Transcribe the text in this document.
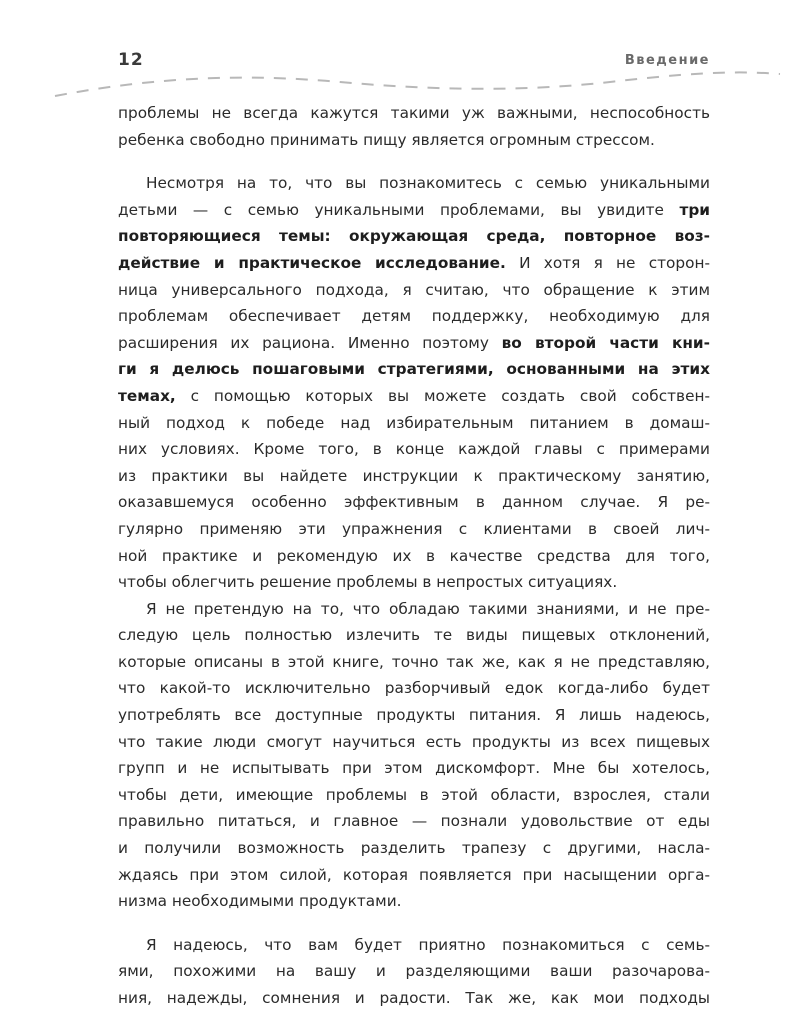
12	Введение
проблемы не всегда кажутся такими уж важными, неспособность
ребенка свободно принимать пищу является огромным стрессом.
Несмотря на то, что вы познакомитесь с семью уникальными
детьми — с семью уникальными проблемами, вы увидите три
повторяющиеся темы: окружающая среда, повторное воз-
действие и практическое исследование. И хотя я не сторон-
ница универсального подхода, я считаю, что обращение к этим
проблемам обеспечивает детям поддержку, необходимую для
расширения их рациона. Именно поэтому во второй части кни-
ги я делюсь пошаговыми стратегиями, основанными на этих
темах, с помощью которых вы можете создать свой собствен-
ный подход к победе над избирательным питанием в домаш-
них условиях. Кроме того, в конце каждой главы с примерами
из практики вы найдете инструкции к практическому занятию,
оказавшемуся особенно эффективным в данном случае. Я ре-
гулярно применяю эти упражнения с клиентами в своей лич-
ной практике и рекомендую их в качестве средства для того,
чтобы облегчить решение проблемы в непростых ситуациях.
Я не претендую на то, что обладаю такими знаниями, и не пре-
следую цель полностью излечить те виды пищевых отклонений,
которые описаны в этой книге, точно так же, как я не представляю,
что какой-то исключительно разборчивый едок когда-либо будет
употреблять все доступные продукты питания. Я лишь надеюсь,
что такие люди смогут научиться есть продукты из всех пищевых
групп и не испытывать при этом дискомфорт. Мне бы хотелось,
чтобы дети, имеющие проблемы в этой области, взрослея, стали
правильно питаться, и главное — познали удовольствие от еды
и получили возможность разделить трапезу с другими, насла-
ждаясь при этом силой, которая появляется при насыщении орга-
низма необходимыми продуктами.
Я надеюсь, что вам будет приятно познакомиться с семь-
ями, похожими на вашу и разделяющими ваши разочарова-
ния, надежды, сомнения и радости. Так же, как мои подходы
